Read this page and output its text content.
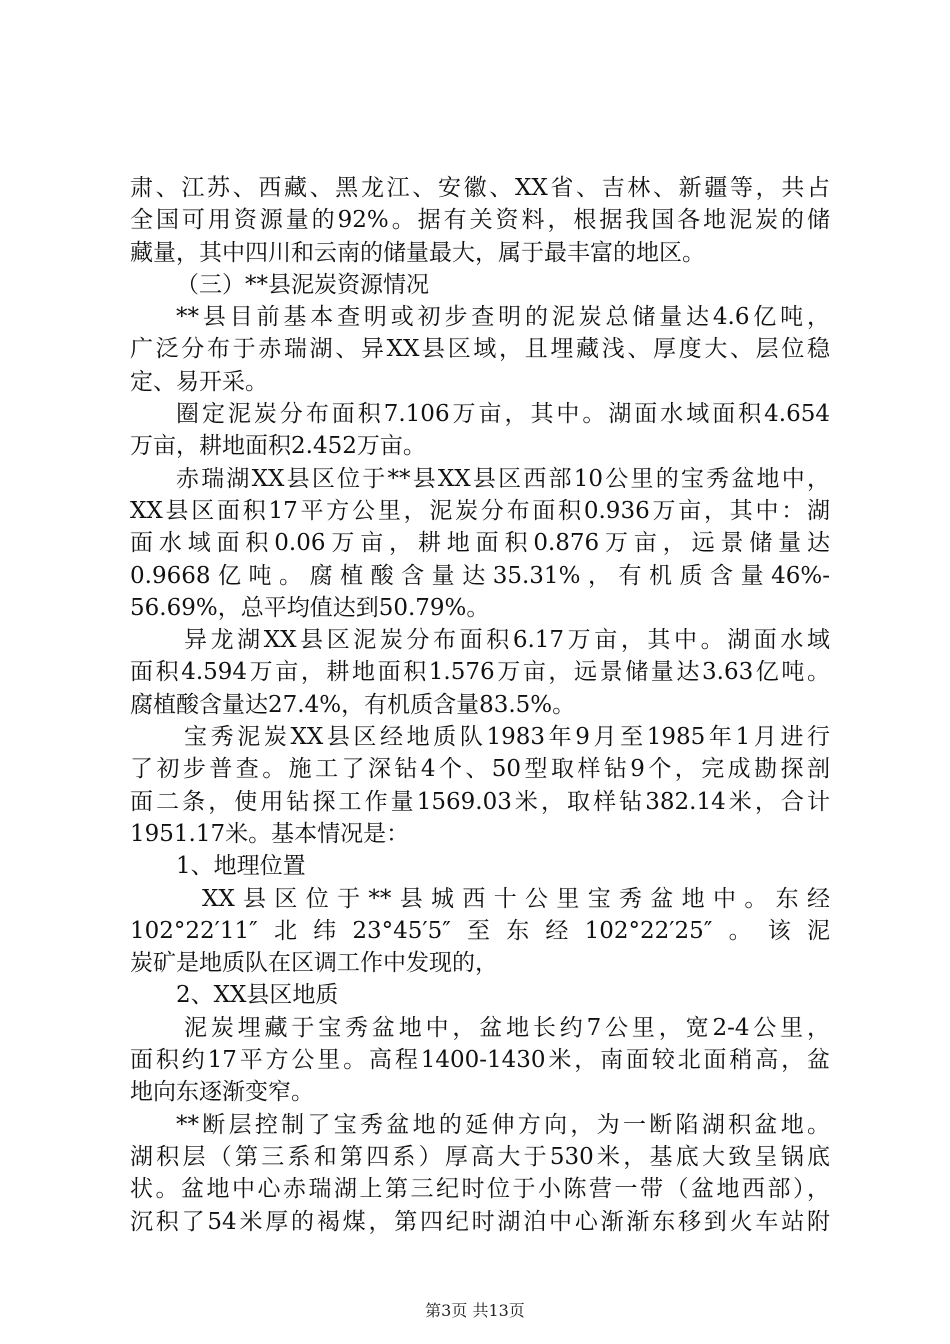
肃、江苏、西藏、黑龙江、安徽、XX省、吉林、新疆等，共占
全国可用资源量的92%。据有关资料，根据我国各地泥炭的储
藏量，其中四川和云南的储量最大，属于最丰富的地区。
（三）**县泥炭资源情况
**县目前基本查明或初步查明的泥炭总储量达4.6亿吨，
广泛分布于赤瑞湖、异XX县区域，且埋藏浅、厚度大、层位稳
定、易开采。
圈定泥炭分布面积7.106万亩，其中。湖面水域面积4.654
万亩，耕地面积2.452万亩。
赤瑞湖XX县区位于**县XX县区西部10公里的宝秀盆地中，
XX县区面积17平方公里，泥炭分布面积0.936万亩，其中：湖
面水域面积0.06万亩，耕地面积0.876万亩，远景储量达
0.9668亿吨。腐植酸含量达35.31%，有机质含量46%-
56.69%，总平均值达到50.79%。
异龙湖XX县区泥炭分布面积6.17万亩，其中。湖面水域
面积4.594万亩，耕地面积1.576万亩，远景储量达3.63亿吨。
腐植酸含量达27.4%，有机质含量83.5%。
宝秀泥炭XX县区经地质队1983年9月至1985年1月进行
了初步普查。施工了深钻4个、50型取样钻9个，完成勘探剖
面二条，使用钻探工作量1569.03米，取样钻382.14米，合计
1951.17米。基本情况是：
1、地理位置
XX县区位于**县城西十公里宝秀盆地中。东经
102°22′11″北纬23°45′5″至东经102°22′25″。该泥
炭矿是地质队在区调工作中发现的，
2、XX县区地质
泥炭埋藏于宝秀盆地中，盆地长约7公里，宽2-4公里，
面积约17平方公里。高程1400-1430米，南面较北面稍高，盆
地向东逐渐变窄。
**断层控制了宝秀盆地的延伸方向，为一断陷湖积盆地。
湖积层（第三系和第四系）厚高大于530米，基底大致呈锅底
状。盆地中心赤瑞湖上第三纪时位于小陈营一带（盆地西部），
沉积了54米厚的褐煤，第四纪时湖泊中心渐渐东移到火车站附
第3页 共13页
